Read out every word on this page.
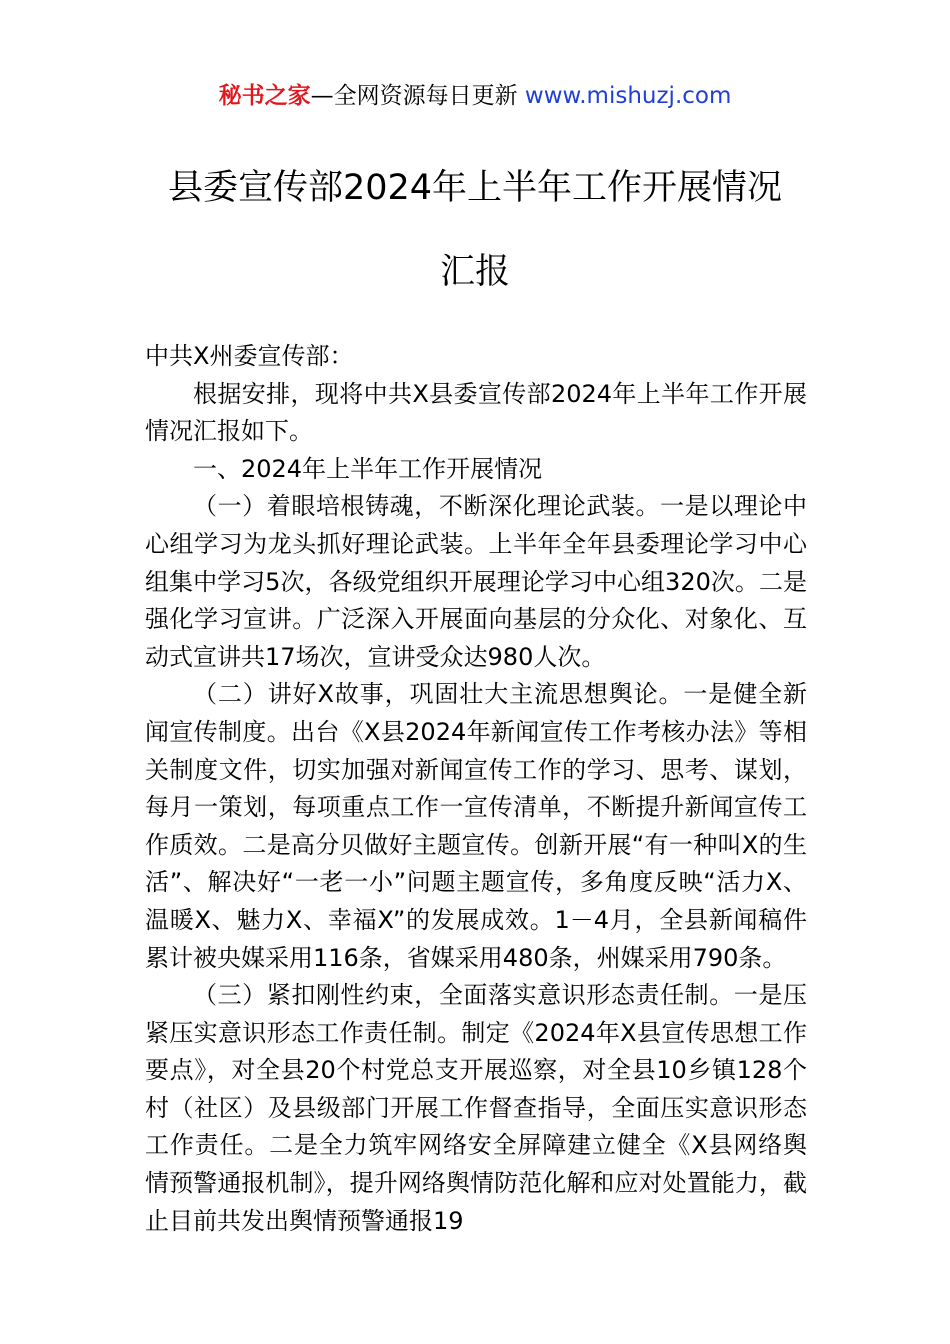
秘书之家—全网资源每日更新 www.mishuzj.com
县委宣传部2024年上半年工作开展情况
汇报

中共X州委宣传部：

根据安排，现将中共X县委宣传部2024年上半年工作开展情况汇报如下。

一、2024年上半年工作开展情况

（一）着眼培根铸魂，不断深化理论武装。一是以理论中心组学习为龙头抓好理论武装。上半年全年县委理论学习中心组集中学习5次，各级党组织开展理论学习中心组320次。二是强化学习宣讲。广泛深入开展面向基层的分众化、对象化、互动式宣讲共17场次，宣讲受众达980人次。

（二）讲好X故事，巩固壮大主流思想舆论。一是健全新闻宣传制度。出台《X县2024年新闻宣传工作考核办法》等相关制度文件，切实加强对新闻宣传工作的学习、思考、谋划，每月一策划，每项重点工作一宣传清单，不断提升新闻宣传工作质效。二是高分贝做好主题宣传。创新开展“有一种叫X的生活”、解决好“一老一小”问题主题宣传，多角度反映“活力X、温暖X、魅力X、幸福X”的发展成效。1－4月，全县新闻稿件累计被央媒采用116条，省媒采用480条，州媒采用790条。

（三）紧扣刚性约束，全面落实意识形态责任制。一是压紧压实意识形态工作责任制。制定《2024年X县宣传思想工作要点》，对全县20个村党总支开展巡察，对全县10乡镇128个村（社区）及县级部门开展工作督查指导，全面压实意识形态工作责任。二是全力筑牢网络安全屏障建立健全《X县网络舆情预警通报机制》，提升网络舆情防范化解和应对处置能力，截止目前共发出舆情预警通报19
